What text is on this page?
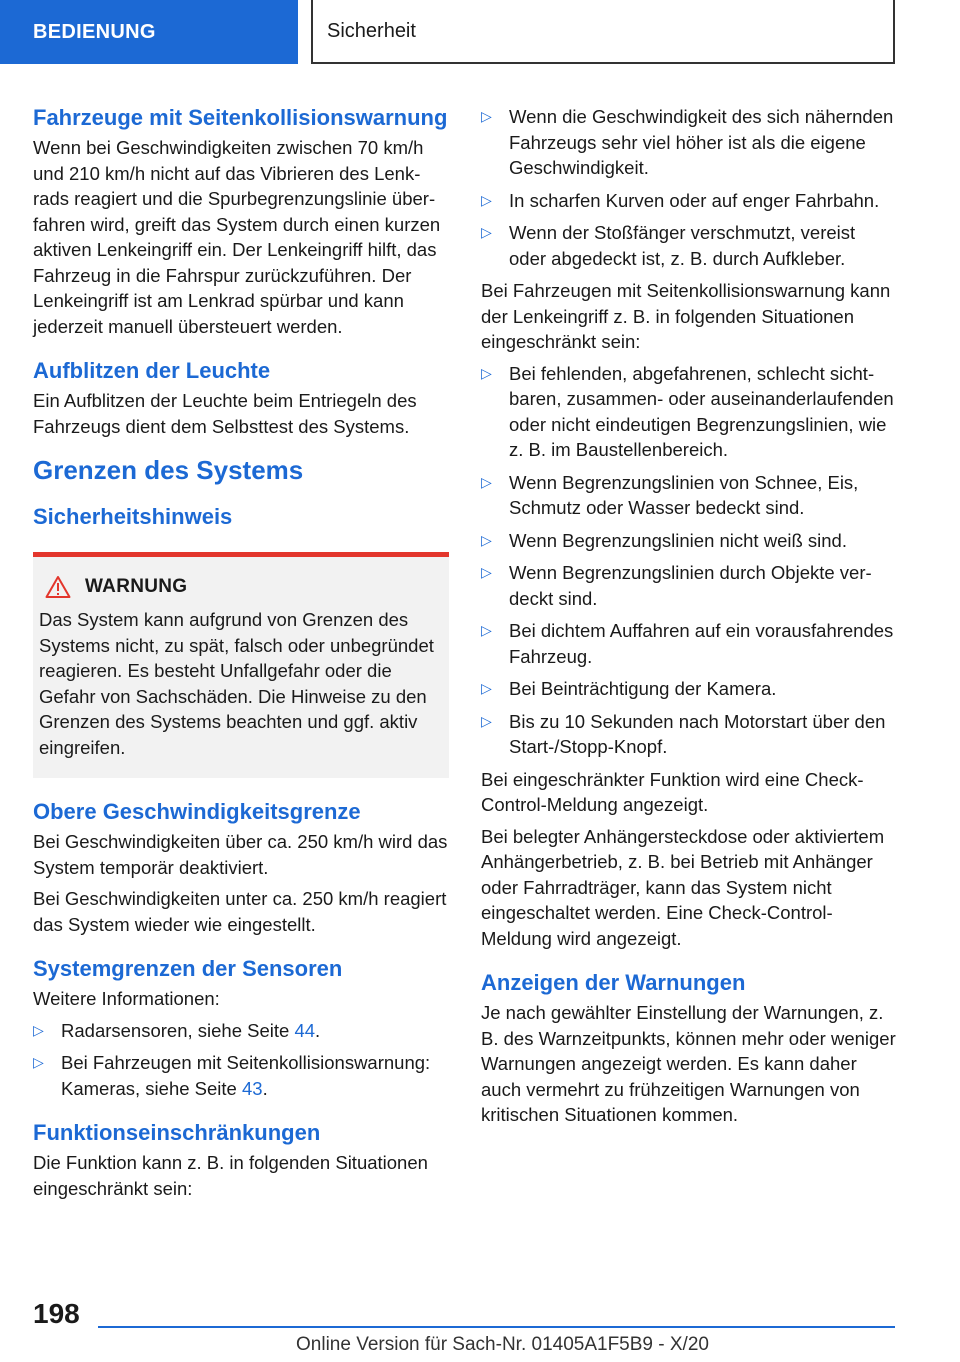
BEDIENUNG	Sicherheit
Fahrzeuge mit Seitenkollisionswarnung

Wenn bei Geschwindigkeiten zwischen 70 km/h und 210 km/h nicht auf das Vibrieren des Lenkrads reagiert und die Spurbegrenzungslinie überfahren wird, greift das System durch einen kurzen aktiven Lenkeingriff ein. Der Lenkeingriff hilft, das Fahrzeug in die Fahrspur zurückzuführen. Der Lenkeingriff ist am Lenkrad spürbar und kann jederzeit manuell übersteuert werden.

Aufblitzen der Leuchte

Ein Aufblitzen der Leuchte beim Entriegeln des Fahrzeugs dient dem Selbsttest des Systems.

Grenzen des Systems
Sicherheitshinweis
WARNUNG

Das System kann aufgrund von Grenzen des Systems nicht, zu spät, falsch oder unbegründet reagieren. Es besteht Unfallgefahr oder die Gefahr von Sachschäden. Die Hinweise zu den Grenzen des Systems beachten und ggf. aktiv eingreifen.

Obere Geschwindigkeitsgrenze

Bei Geschwindigkeiten über ca. 250 km/h wird das System temporär deaktiviert.

Bei Geschwindigkeiten unter ca. 250 km/h reagiert das System wieder wie eingestellt.

Systemgrenzen der Sensoren

Weitere Informationen:

▷ Radarsensoren, siehe Seite 44.
▷ Bei Fahrzeugen mit Seitenkollisionswarnung: Kameras, siehe Seite 43.
Funktionseinschränkungen

Die Funktion kann z. B. in folgenden Situationen eingeschränkt sein:

▷ Wenn die Geschwindigkeit des sich nähernden Fahrzeugs sehr viel höher ist als die eigene Geschwindigkeit.
▷ In scharfen Kurven oder auf enger Fahrbahn.
▷ Wenn der Stoßfänger verschmutzt, vereist oder abgedeckt ist, z. B. durch Aufkleber.

Bei Fahrzeugen mit Seitenkollisionswarnung kann der Lenkeingriff z. B. in folgenden Situationen eingeschränkt sein:

▷ Bei fehlenden, abgefahrenen, schlecht sichtbaren, zusammen- oder auseinanderlaufenden oder nicht eindeutigen Begrenzungslinien, wie z. B. im Baustellenbereich.
▷ Wenn Begrenzungslinien von Schnee, Eis, Schmutz oder Wasser bedeckt sind.
▷ Wenn Begrenzungslinien nicht weiß sind.
▷ Wenn Begrenzungslinien durch Objekte verdeckt sind.
▷ Bei dichtem Auffahren auf ein vorausfahrendes Fahrzeug.
▷ Bei Beinträchtigung der Kamera.
▷ Bis zu 10 Sekunden nach Motorstart über den Start-/Stopp-Knopf.

Bei eingeschränkter Funktion wird eine Check-Control-Meldung angezeigt.

Bei belegter Anhängersteckdose oder aktiviertem Anhängerbetrieb, z. B. bei Betrieb mit Anhänger oder Fahrradträger, kann das System nicht eingeschaltet werden. Eine Check-Control-Meldung wird angezeigt.

Anzeigen der Warnungen

Je nach gewählter Einstellung der Warnungen, z. B. des Warnzeitpunkts, können mehr oder weniger Warnungen angezeigt werden. Es kann daher auch vermehrt zu frühzeitigen Warnungen von kritischen Situationen kommen.

198
Online Version für Sach-Nr. 01405A1F5B9 - X/20
